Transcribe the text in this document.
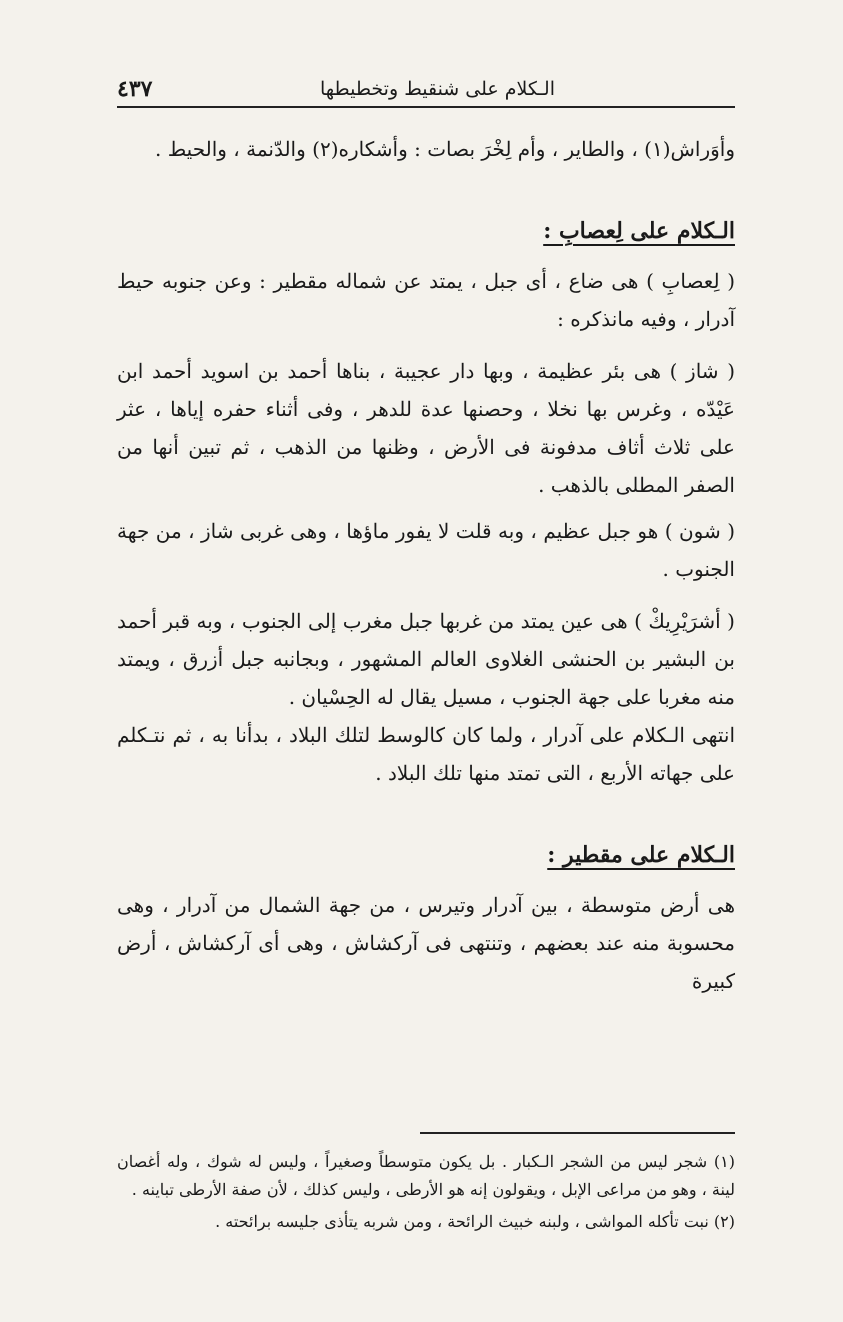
الـكلام على شنقيط وتخطيطها
٤٣٧

وأوَراش(١) ، والطاير ، وأم لِخْرَ بصات : وأشكاره(٢) والدّنمة ، والحيط .

الـكلام على لِعصابِ :

( لِعصابِ ) هى ضاع ، أى جبل ، يمتد عن شماله مقطير : وعن جنوبه حيط آدرار ، وفيه مانذكره :

( شاز ) هى بئر عظيمة ، وبها دار عجيبة ، بناها أحمد بن اسويد أحمد ابن عَيْدّه ، وغرس بها نخلا ، وحصنها عدة للدهر ، وفى أثناء حفره إياها ، عثر على ثلاث أثاف مدفونة فى الأرض ، وظنها من الذهب ، ثم تبين أنها من الصفر المطلى بالذهب .

( شون ) هو جبل عظيم ، وبه قلت لا يفور ماؤها ، وهى غربى شاز ، من جهة الجنوب .

( أشرَيْرِيكْ ) هى عين يمتد من غربها جبل مغرب إلى الجنوب ، وبه قبر أحمد بن البشير بن الحنشى الغلاوى العالم المشهور ، وبجانبه جبل أزرق ، ويمتد منه مغربا على جهة الجنوب ، مسيل يقال له الحِسْيان .

انتهى الـكلام على آدرار ، ولما كان كالوسط لتلك البلاد ، بدأنا به ، ثم نتـكلم على جهاته الأربع ، التى تمتد منها تلك البلاد .

الـكلام على مقطير :

هى أرض متوسطة ، بين آدرار وتيرس ، من جهة الشمال من آدرار ، وهى محسوبة منه عند بعضهم ، وتنتهى فى آركشاش ، وهى أى آركشاش ، أرض كبيرة

(١) شجر ليس من الشجر الـكبار . بل يكون متوسطاً وصغيراً ، وليس له شوك ، وله أغصان لينة ، وهو من مراعى الإبل ، ويقولون إنه هو الأرطى ، وليس كذلك ، لأن صفة الأرطى تباينه .

(٢) نبت تأكله المواشى ، ولبنه خبيث الرائحة ، ومن شربه يتأذى جليسه برائحته .
